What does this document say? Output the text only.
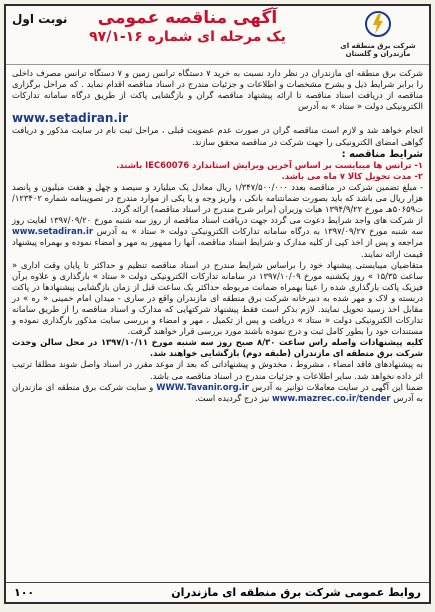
شرکت برق منطقه ای
مازندران و گلستان
آگهی مناقصه عمومی
یک مرحله ای شماره ۱۶-۹۷/۱
نوبت اول

شرکت برق منطقه ای مازندران در نظر دارد نسبت به خرید ۷ دستگاه ترانس زمین و ۷ دستگاه ترانس مصرف داخلی را برابر شرایط ذیل و بشرح مشخصات و اطلاعات و جزئیات مندرج در اسناد مناقصه اقدام نماید . که مراحل برگزاری مناقصه از دریافت اسناد مناقصه تا ارائه پیشنهاد مناقصه گران و بازگشایی پاکت از طریق درگاه سامانه تدارکات الکترونیکی دولت « ستاد » به آدرس

www.setadiran.ir

انجام خواهد شد و لازم است مناقصه گران در صورت عدم عضویت قبلی ، مراحل ثبت نام در سایت مذکور و دریافت گواهی امضای الکترونیکی را جهت شرکت در مناقصه محقق سازند.

شرایط مناقصه :

۱- ترانس ها میبایست بر اساس آخرین ویرایش استاندارد IEC60076 باشند.

۲- مدت تحویل کالا ۷ ماه می باشد.

- مبلغ تضمین شرکت در مناقصه بعدد ۱/۳۴۷/۵۰۰/۰۰۰ ریال معادل یک میلیارد و سیصد و چهل و هفت میلیون و پانصد هزار ریال می باشد که باید بصورت ضمانتنامه بانکی ، واریز وجه و یا یکی از موارد مندرج در تصویبنامه شماره ۱۲۳۴۰۲/ت۵۰۶۵۹هـ مورخ ۱۳۹۴/۹/۲۲ هیات وزیران (برابر شرح مندرج در اسناد مناقصه) ارائه گردد.

از شرکت های واجد شرایط دعوت می گردد جهت دریافت اسناد مناقصه از روز سه شنبه مورخ ۱۳۹۷/۰۹/۲۰ لغایت روز سه شنبه مورخ ۱۳۹۷/۰۹/۲۷ به درگاه سامانه تدارکات الکترونیکی دولت « ستاد » به آدرس www.setadiran.ir مراجعه و پس از اخذ کپی از کلیه مدارک و شرایط اسناد مناقصه، آنها را ممهور به مهر و امضاء نموده و بهمراه پیشنهاد قیمت ارائه نمایند.

متقاضیان میبایستی پیشنهاد خود را براساس شرایط مندرج در اسناد مناقصه تنظیم و حداکثر تا پایان وقت اداری « ساعت ۱۵/۳۵ » روز یکشنبه مورخ ۱۳۹۷/۱۰/۰۹ در سامانه تدارکات الکترونیکی دولت « ستاد » بارگذاری و علاوه برآن فیزیک پاکت بارگذاری شده را عینا بهمراه ضمانت مربوطه حداکثر یک ساعت قبل از زمان بازگشایی پیشنهادها در پاکت دربسته و لاک و مهر شده به دبیرخانه شرکت برق منطقه ای مازندران واقع در ساری - میدان امام خمینی « ره » در مقابل اخذ رسید تحویل نمایند. لازم بذکر است فقط پیشنهاد شرکتهایی که مدارک و اسناد مناقصه را از طریق سامانه تدارکات الکترونیکی دولت « ستاد » دریافت و پس از تکمیل ، مهر و امضاء و بررسی سایت مذکور بارگذاری نموده و مستندات خود را بطور کامل ثبت و درج نموده باشند مورد بررسی قرار خواهند گرفت.

کلیه پیشنهادات واصله راس ساعت ۸/۳۰ صبح روز سه شنبه مورخ ۱۳۹۷/۱۰/۱۱ در محل سالن وحدت شرکت برق منطقه ای مازندران (طبقه دوم) بازگشایی خواهند شد.

به پیشنهادهای فاقد امضاء ، مشروط ، مخدوش و پیشنهاداتی که بعد از موعد مقرر در اسناد واصل شوند مطلقا ترتیب اثر داده نخواهد شد. سایر اطلاعات و جزئیات مندرج در اسناد مناقصه می باشد.

ضمنا این آگهی در سایت معاملات توانیر به آدرس WWW.Tavanir.org.ir و سایت شرکت برق منطقه ای مازندران به آدرس www.mazrec.co.ir/tender نیز درج گردیده است.

روابط عمومی شرکت برق منطقه ای مازندران
۱۰۰
